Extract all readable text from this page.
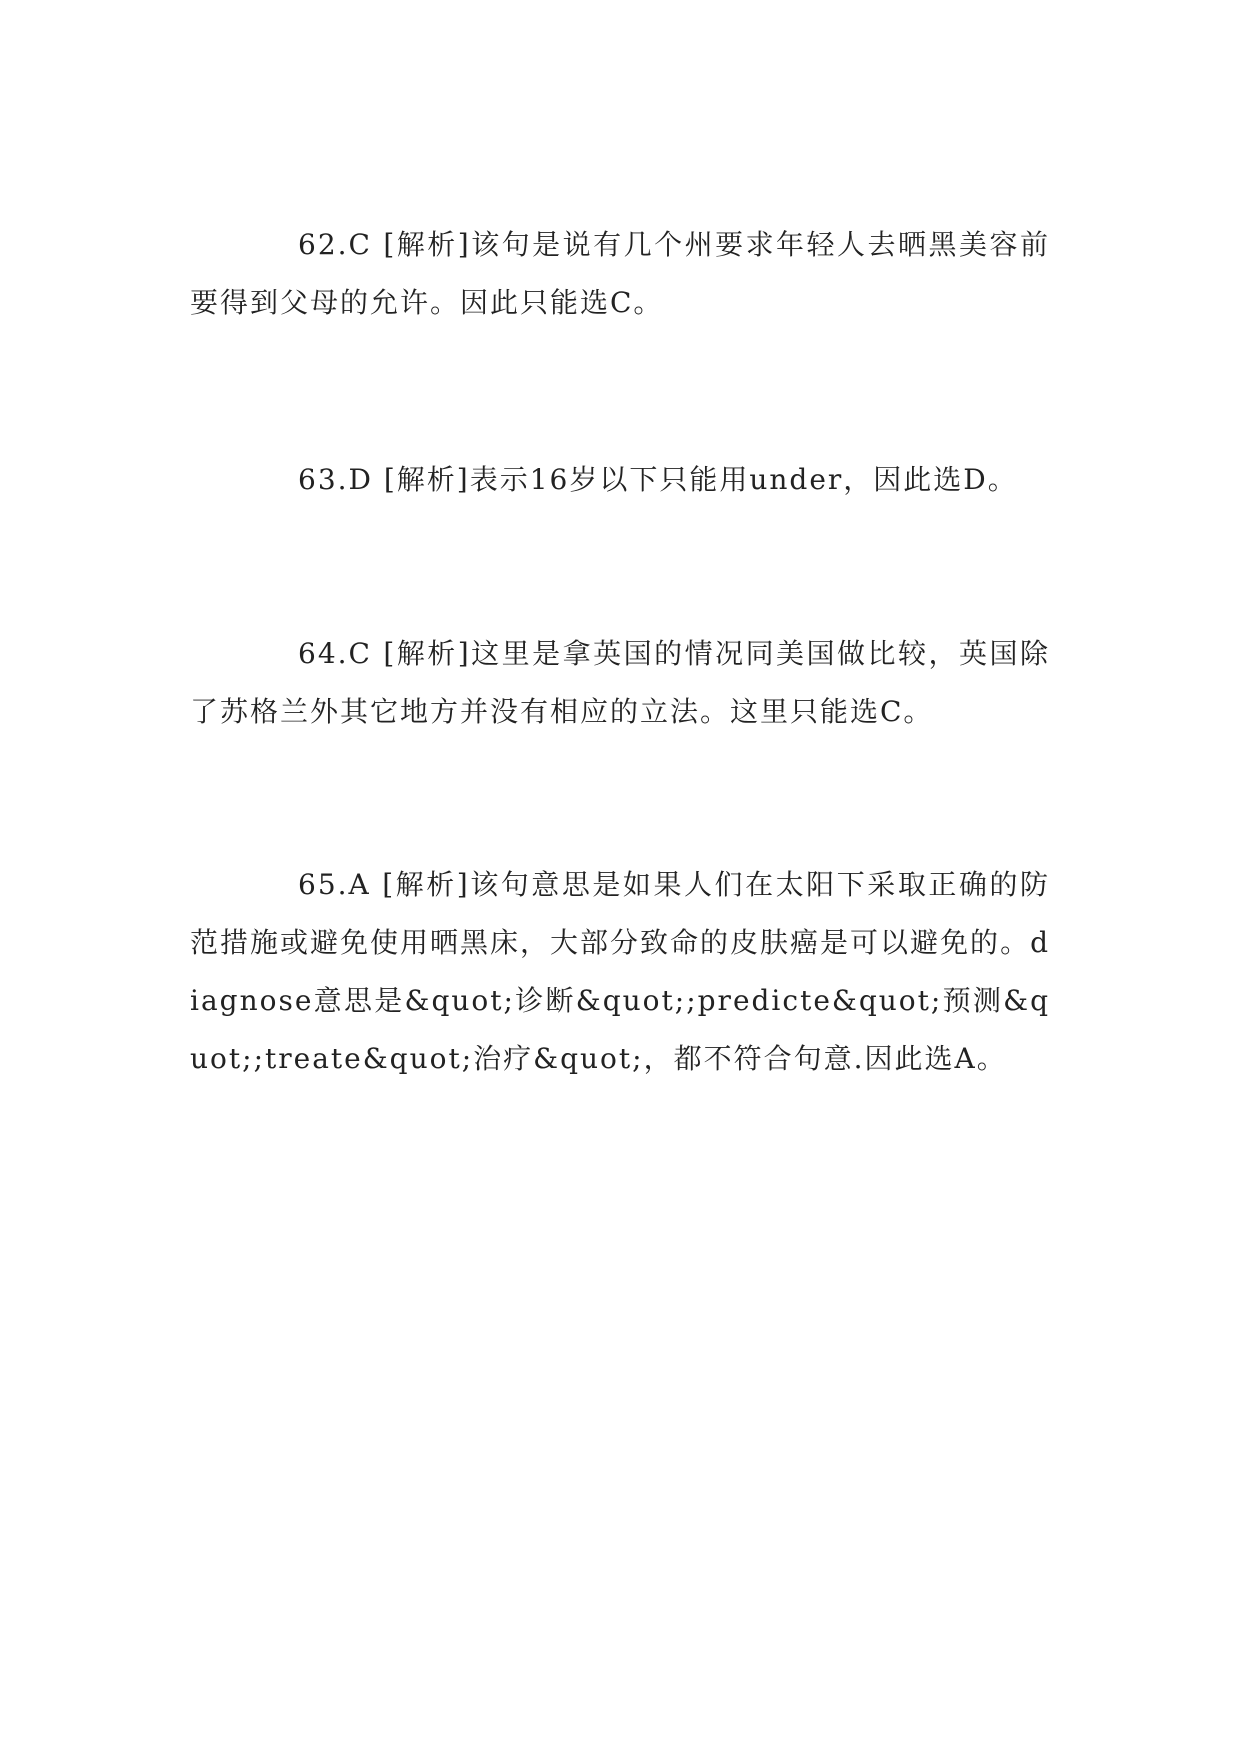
62.C [解析]该句是说有几个州要求年轻人去晒黑美容前要得到父母的允许。因此只能选C。

63.D [解析]表示16岁以下只能用under，因此选D。

64.C [解析]这里是拿英国的情况同美国做比较，英国除了苏格兰外其它地方并没有相应的立法。这里只能选C。

65.A [解析]该句意思是如果人们在太阳下采取正确的防范措施或避免使用晒黑床，大部分致命的皮肤癌是可以避免的。diagnose意思是&quot;诊断&quot;;predicte&quot;预测&quot;;treate&quot;治疗&quot;，都不符合句意.因此选A。
